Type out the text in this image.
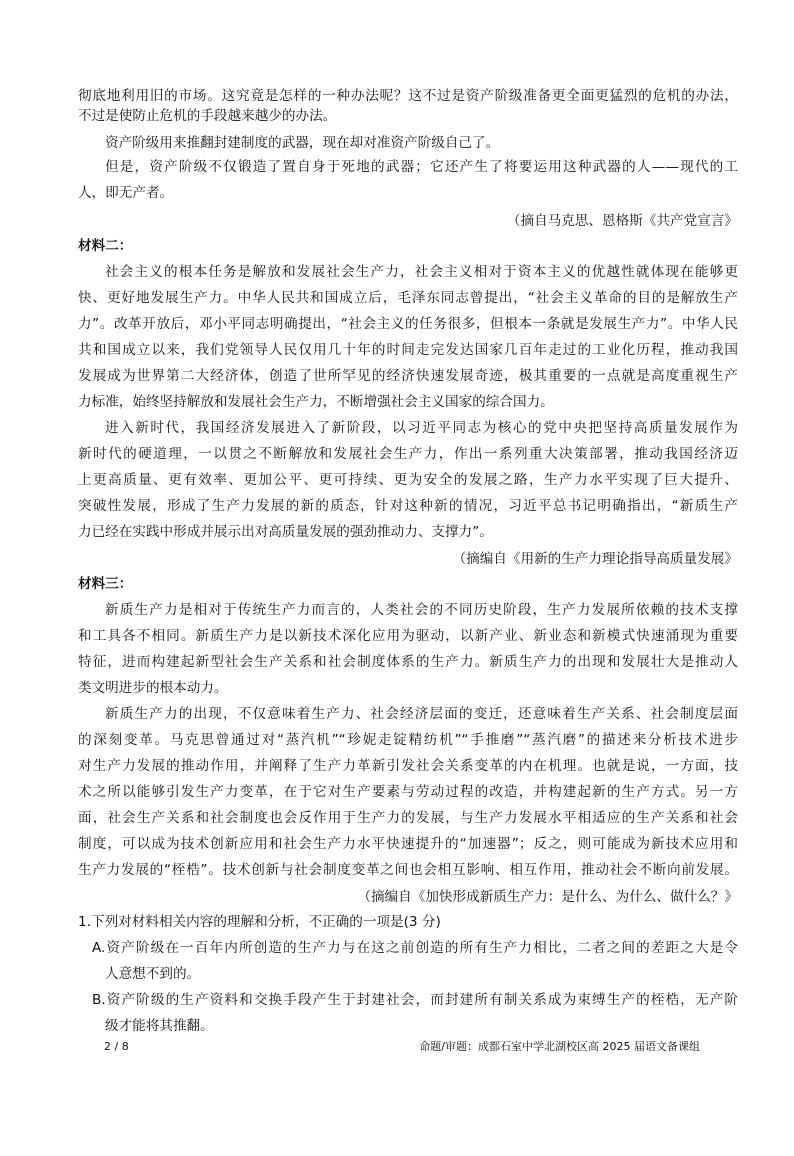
彻底地利用旧的市场。这究竟是怎样的一种办法呢？这不过是资产阶级准备更全面更猛烈的危机的办法，
不过是使防止危机的手段越来越少的办法。
资产阶级用来推翻封建制度的武器，现在却对准资产阶级自己了。
但是，资产阶级不仅锻造了置自身于死地的武器；它还产生了将要运用这种武器的人——现代的工
人，即无产者。
（摘自马克思、恩格斯《共产党宣言》
材料二：
社会主义的根本任务是解放和发展社会生产力，社会主义相对于资本主义的优越性就体现在能够更
快、更好地发展生产力。中华人民共和国成立后，毛泽东同志曾提出，“社会主义革命的目的是解放生产
力”。改革开放后，邓小平同志明确提出，“社会主义的任务很多，但根本一条就是发展生产力”。中华人民
共和国成立以来，我们党领导人民仅用几十年的时间走完发达国家几百年走过的工业化历程，推动我国
发展成为世界第二大经济体，创造了世所罕见的经济快速发展奇迹，极其重要的一点就是高度重视生产
力标准，始终坚持解放和发展社会生产力，不断增强社会主义国家的综合国力。
进入新时代，我国经济发展进入了新阶段，以习近平同志为核心的党中央把坚持高质量发展作为
新时代的硬道理，一以贯之不断解放和发展社会生产力，作出一系列重大决策部署，推动我国经济迈
上更高质量、更有效率、更加公平、更可持续、更为安全的发展之路，生产力水平实现了巨大提升、
突破性发展，形成了生产力发展的新的质态，针对这种新的情况，习近平总书记明确指出，“新质生产
力已经在实践中形成并展示出对高质量发展的强劲推动力、支撑力”。
（摘编自《用新的生产力理论指导高质量发展》
材料三：
新质生产力是相对于传统生产力而言的，人类社会的不同历史阶段，生产力发展所依赖的技术支撑
和工具各不相同。新质生产力是以新技术深化应用为驱动，以新产业、新业态和新模式快速涌现为重要
特征，进而构建起新型社会生产关系和社会制度体系的生产力。新质生产力的出现和发展壮大是推动人
类文明进步的根本动力。
新质生产力的出现，不仅意味着生产力、社会经济层面的变迁，还意味着生产关系、社会制度层面
的深刻变革。马克思曾通过对“蒸汽机”“珍妮走锭精纺机”“手推磨”“蒸汽磨”的描述来分析技术进步
对生产力发展的推动作用，并阐释了生产力革新引发社会关系变革的内在机理。也就是说，一方面，技
术之所以能够引发生产力变革，在于它对生产要素与劳动过程的改造，并构建起新的生产方式。另一方
面，社会生产关系和社会制度也会反作用于生产力的发展，与生产力发展水平相适应的生产关系和社会
制度，可以成为技术创新应用和社会生产力水平快速提升的“加速器”；反之，则可能成为新技术应用和
生产力发展的“桎梏”。技术创新与社会制度变革之间也会相互影响、相互作用，推动社会不断向前发展。
（摘编自《加快形成新质生产力：是什么、为什么、做什么？》
1.下列对材料相关内容的理解和分析，不正确的一项是(3 分)
A.资产阶级在一百年内所创造的生产力与在这之前创造的所有生产力相比，二者之间的差距之大是令
人意想不到的。
B.资产阶级的生产资料和交换手段产生于封建社会，而封建所有制关系成为束缚生产的桎梏，无产阶
级才能将其推翻。
2 / 8	命题/审题：成都石室中学北湖校区高 2025 届语文备课组
